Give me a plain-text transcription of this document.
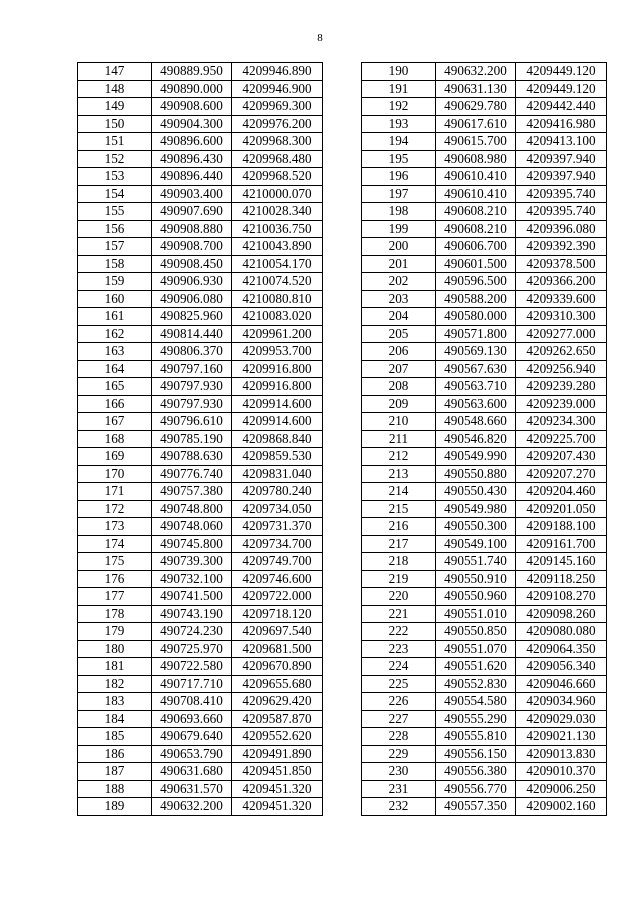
8
147	490889.950	4209946.890
148	490890.000	4209946.900
149	490908.600	4209969.300
150	490904.300	4209976.200
151	490896.600	4209968.300
152	490896.430	4209968.480
153	490896.440	4209968.520
154	490903.400	4210000.070
155	490907.690	4210028.340
156	490908.880	4210036.750
157	490908.700	4210043.890
158	490908.450	4210054.170
159	490906.930	4210074.520
160	490906.080	4210080.810
161	490825.960	4210083.020
162	490814.440	4209961.200
163	490806.370	4209953.700
164	490797.160	4209916.800
165	490797.930	4209916.800
166	490797.930	4209914.600
167	490796.610	4209914.600
168	490785.190	4209868.840
169	490788.630	4209859.530
170	490776.740	4209831.040
171	490757.380	4209780.240
172	490748.800	4209734.050
173	490748.060	4209731.370
174	490745.800	4209734.700
175	490739.300	4209749.700
176	490732.100	4209746.600
177	490741.500	4209722.000
178	490743.190	4209718.120
179	490724.230	4209697.540
180	490725.970	4209681.500
181	490722.580	4209670.890
182	490717.710	4209655.680
183	490708.410	4209629.420
184	490693.660	4209587.870
185	490679.640	4209552.620
186	490653.790	4209491.890
187	490631.680	4209451.850
188	490631.570	4209451.320
189	490632.200	4209451.320
190	490632.200	4209449.120
191	490631.130	4209449.120
192	490629.780	4209442.440
193	490617.610	4209416.980
194	490615.700	4209413.100
195	490608.980	4209397.940
196	490610.410	4209397.940
197	490610.410	4209395.740
198	490608.210	4209395.740
199	490608.210	4209396.080
200	490606.700	4209392.390
201	490601.500	4209378.500
202	490596.500	4209366.200
203	490588.200	4209339.600
204	490580.000	4209310.300
205	490571.800	4209277.000
206	490569.130	4209262.650
207	490567.630	4209256.940
208	490563.710	4209239.280
209	490563.600	4209239.000
210	490548.660	4209234.300
211	490546.820	4209225.700
212	490549.990	4209207.430
213	490550.880	4209207.270
214	490550.430	4209204.460
215	490549.980	4209201.050
216	490550.300	4209188.100
217	490549.100	4209161.700
218	490551.740	4209145.160
219	490550.910	4209118.250
220	490550.960	4209108.270
221	490551.010	4209098.260
222	490550.850	4209080.080
223	490551.070	4209064.350
224	490551.620	4209056.340
225	490552.830	4209046.660
226	490554.580	4209034.960
227	490555.290	4209029.030
228	490555.810	4209021.130
229	490556.150	4209013.830
230	490556.380	4209010.370
231	490556.770	4209006.250
232	490557.350	4209002.160
